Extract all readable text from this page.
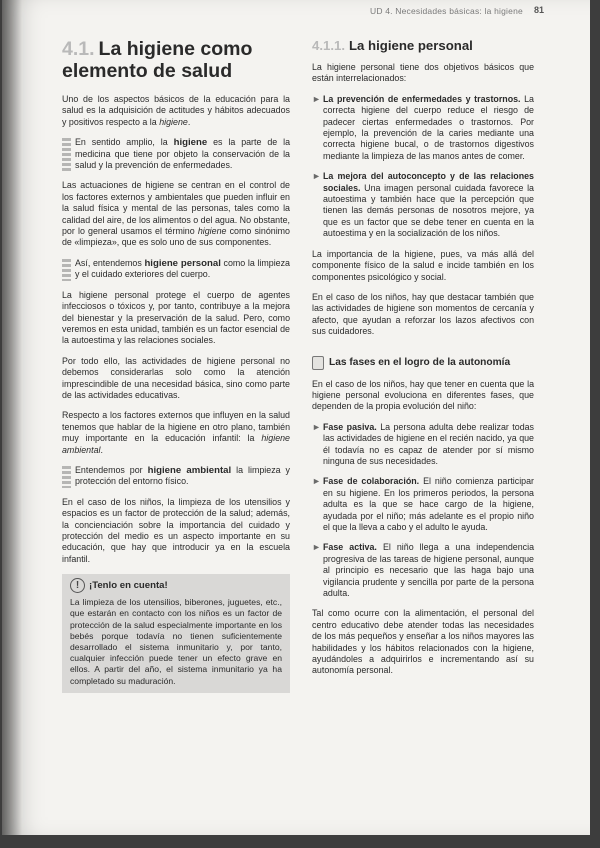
UD 4. Necesidades básicas: la higiene	81
4.1. La higiene como elemento de salud

Uno de los aspectos básicos de la educación para la salud es la adquisición de actitudes y hábitos adecuados y positivos respecto a la higiene.

En sentido amplio, la higiene es la parte de la medicina que tiene por objeto la conservación de la salud y la prevención de enfermedades.

Las actuaciones de higiene se centran en el control de los factores externos y ambientales que pueden influir en la salud física y mental de las personas, tales como la calidad del aire, de los alimentos o del agua. No obstante, por lo general usamos el término higiene como sinónimo de «limpieza», que es solo uno de sus componentes.

Así, entendemos higiene personal como la limpieza y el cuidado exteriores del cuerpo.

La higiene personal protege el cuerpo de agentes infecciosos o tóxicos y, por tanto, contribuye a la mejora del bienestar y la preservación de la salud. Pero, como veremos en esta unidad, también es un factor esencial de la autoestima y las relaciones sociales.

Por todo ello, las actividades de higiene personal no debemos considerarlas solo como la atención imprescindible de una necesidad básica, sino como parte de las actividades educativas.

Respecto a los factores externos que influyen en la salud tenemos que hablar de la higiene en otro plano, también muy importante en la educación infantil: la higiene ambiental.

Entendemos por higiene ambiental la limpieza y protección del entorno físico.

En el caso de los niños, la limpieza de los utensilios y espacios es un factor de protección de la salud; además, la concienciación sobre la importancia del cuidado y protección del medio es un aspecto importante en su educación, que hay que introducir ya en la escuela infantil.

!	¡Tenlo en cuenta!
La limpieza de los utensilios, biberones, juguetes, etc., que estarán en contacto con los niños es un factor de protección de la salud especialmente importante en los bebés porque todavía no tienen suficientemente desarrollado el sistema inmunitario y, por tanto, cualquier infección puede tener un efecto grave en ellos. A partir del año, el sistema inmunitario ya ha completado su maduración.
4.1.1. La higiene personal

La higiene personal tiene dos objetivos básicos que están interrelacionados:

► La prevención de enfermedades y trastornos. La correcta higiene del cuerpo reduce el riesgo de padecer ciertas enfermedades o trastornos. Por ejemplo, la prevención de la caries mediante una correcta higiene bucal, o de trastornos digestivos mediante la limpieza de las manos antes de comer.
► La mejora del autoconcepto y de las relaciones sociales. Una imagen personal cuidada favorece la autoestima y también hace que la percepción que tienen las demás personas de nosotros mejore, ya que es un factor que se debe tener en cuenta en la autoestima y en la socialización de los niños.

La importancia de la higiene, pues, va más allá del componente físico de la salud e incide también en los componentes psicológico y social.

En el caso de los niños, hay que destacar también que las actividades de higiene son momentos de cercanía y afecto, que ayudan a reforzar los lazos afectivos con sus cuidadores.

Las fases en el logro de la autonomía

En el caso de los niños, hay que tener en cuenta que la higiene personal evoluciona en diferentes fases, que dependen de la propia evolución del niño:

► Fase pasiva. La persona adulta debe realizar todas las actividades de higiene en el recién nacido, ya que él todavía no es capaz de atender por sí mismo ninguna de sus necesidades.
► Fase de colaboración. El niño comienza participar en su higiene. En los primeros periodos, la persona adulta es la que se hace cargo de la higiene, ayudada por el niño; más adelante es el propio niño el que la lleva a cabo y el adulto le ayuda.
► Fase activa. El niño llega a una independencia progresiva de las tareas de higiene personal, aunque al principio es necesario que las haga bajo una vigilancia prudente y sencilla por parte de la persona adulta.

Tal como ocurre con la alimentación, el personal del centro educativo debe atender todas las necesidades de los más pequeños y enseñar a los niños mayores las habilidades y los hábitos relacionados con la higiene, ayudándoles a adquirirlos e incrementando así su autonomía personal.
